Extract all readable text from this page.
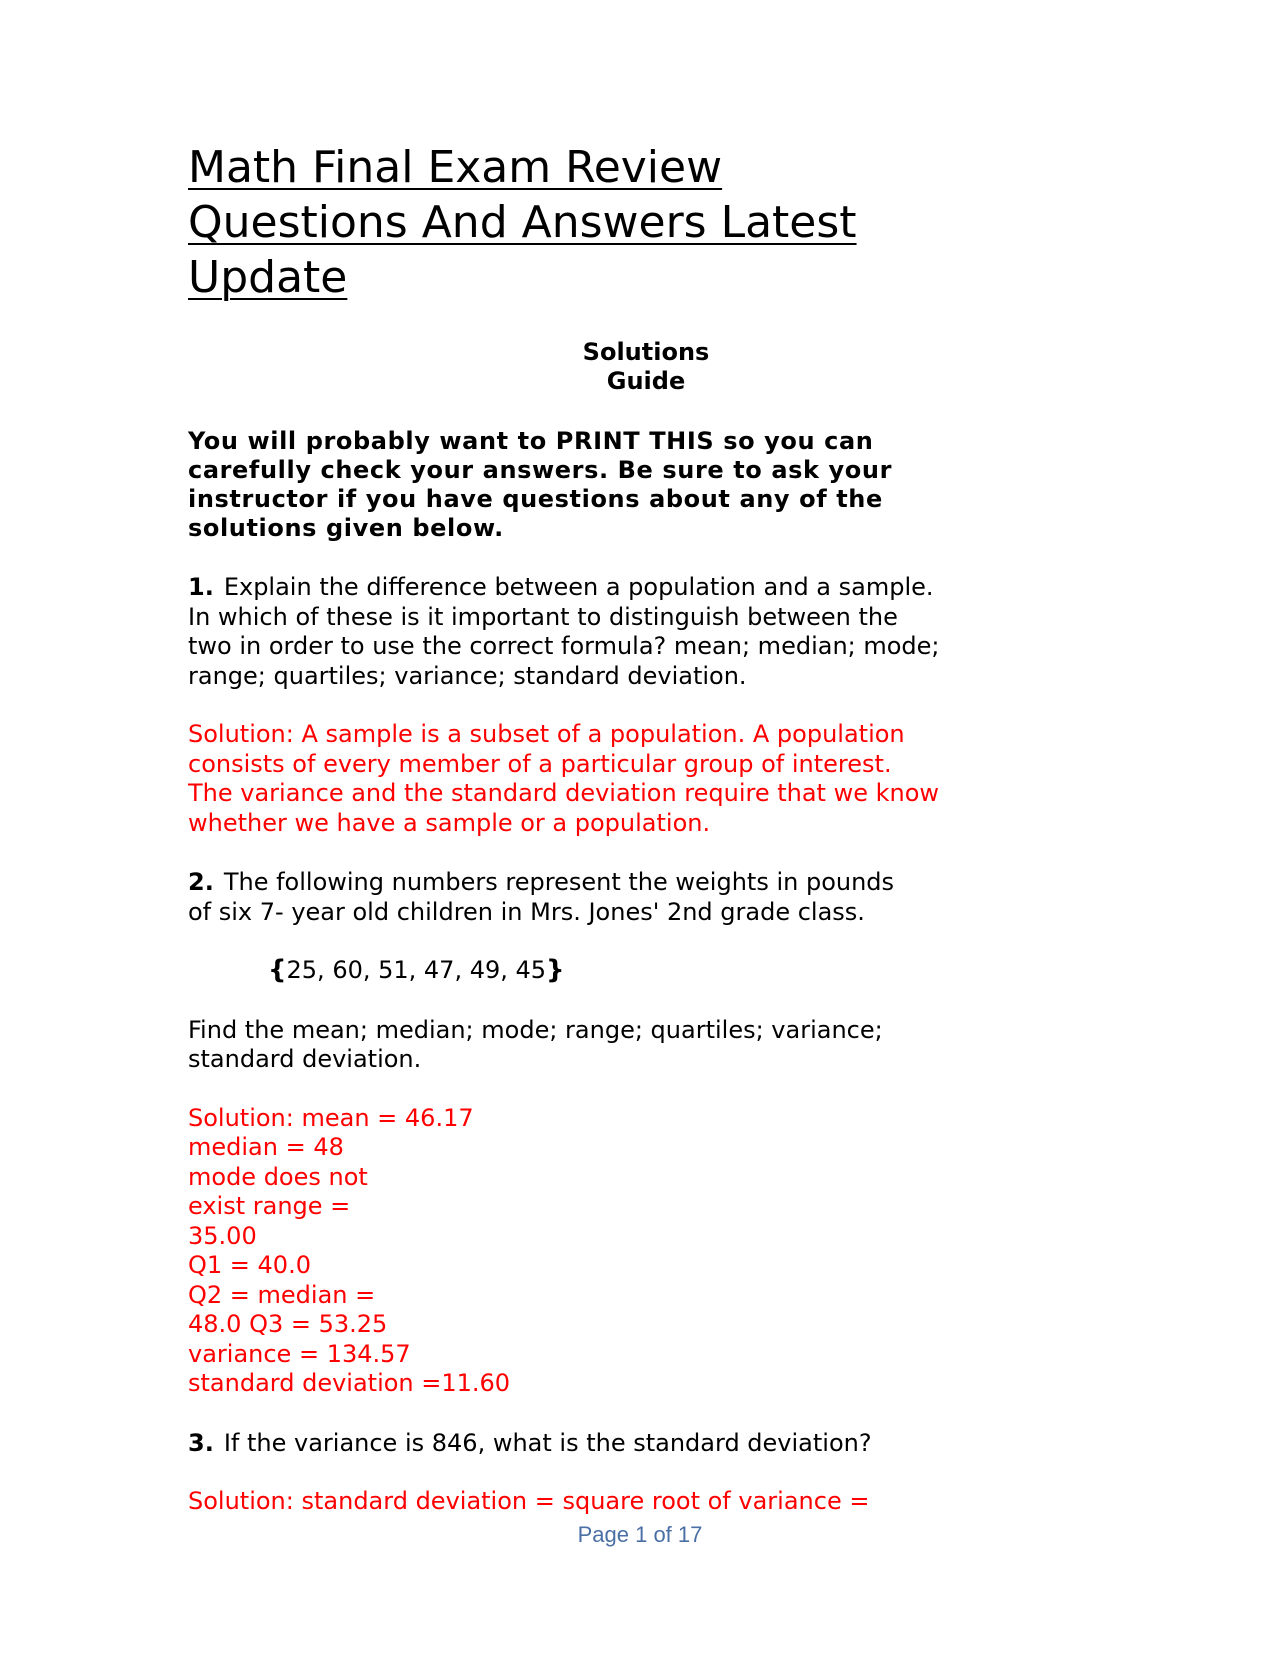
Math Final Exam Review
Questions And Answers Latest
Update
Solutions
Guide
You will probably want to PRINT THIS so you can
carefully check your answers. Be sure to ask your
instructor if you have questions about any of the
solutions given below.
1. Explain the difference between a population and a sample.
In which of these is it important to distinguish between the
two in order to use the correct formula? mean; median; mode;
range; quartiles; variance; standard deviation.
Solution: A sample is a subset of a population. A population
consists of every member of a particular group of interest.
The variance and the standard deviation require that we know
whether we have a sample or a population.
2. The following numbers represent the weights in pounds
of six 7- year old children in Mrs. Jones' 2nd grade class.
{25, 60, 51, 47, 49, 45}
Find the mean; median; mode; range; quartiles; variance;
standard deviation.
Solution: mean = 46.17
median = 48
mode does not
exist range =
35.00
Q1 = 40.0
Q2 = median =
48.0 Q3 = 53.25
variance = 134.57
standard deviation =11.60
3. If the variance is 846, what is the standard deviation?
Solution: standard deviation = square root of variance =
Page 1 of 17
